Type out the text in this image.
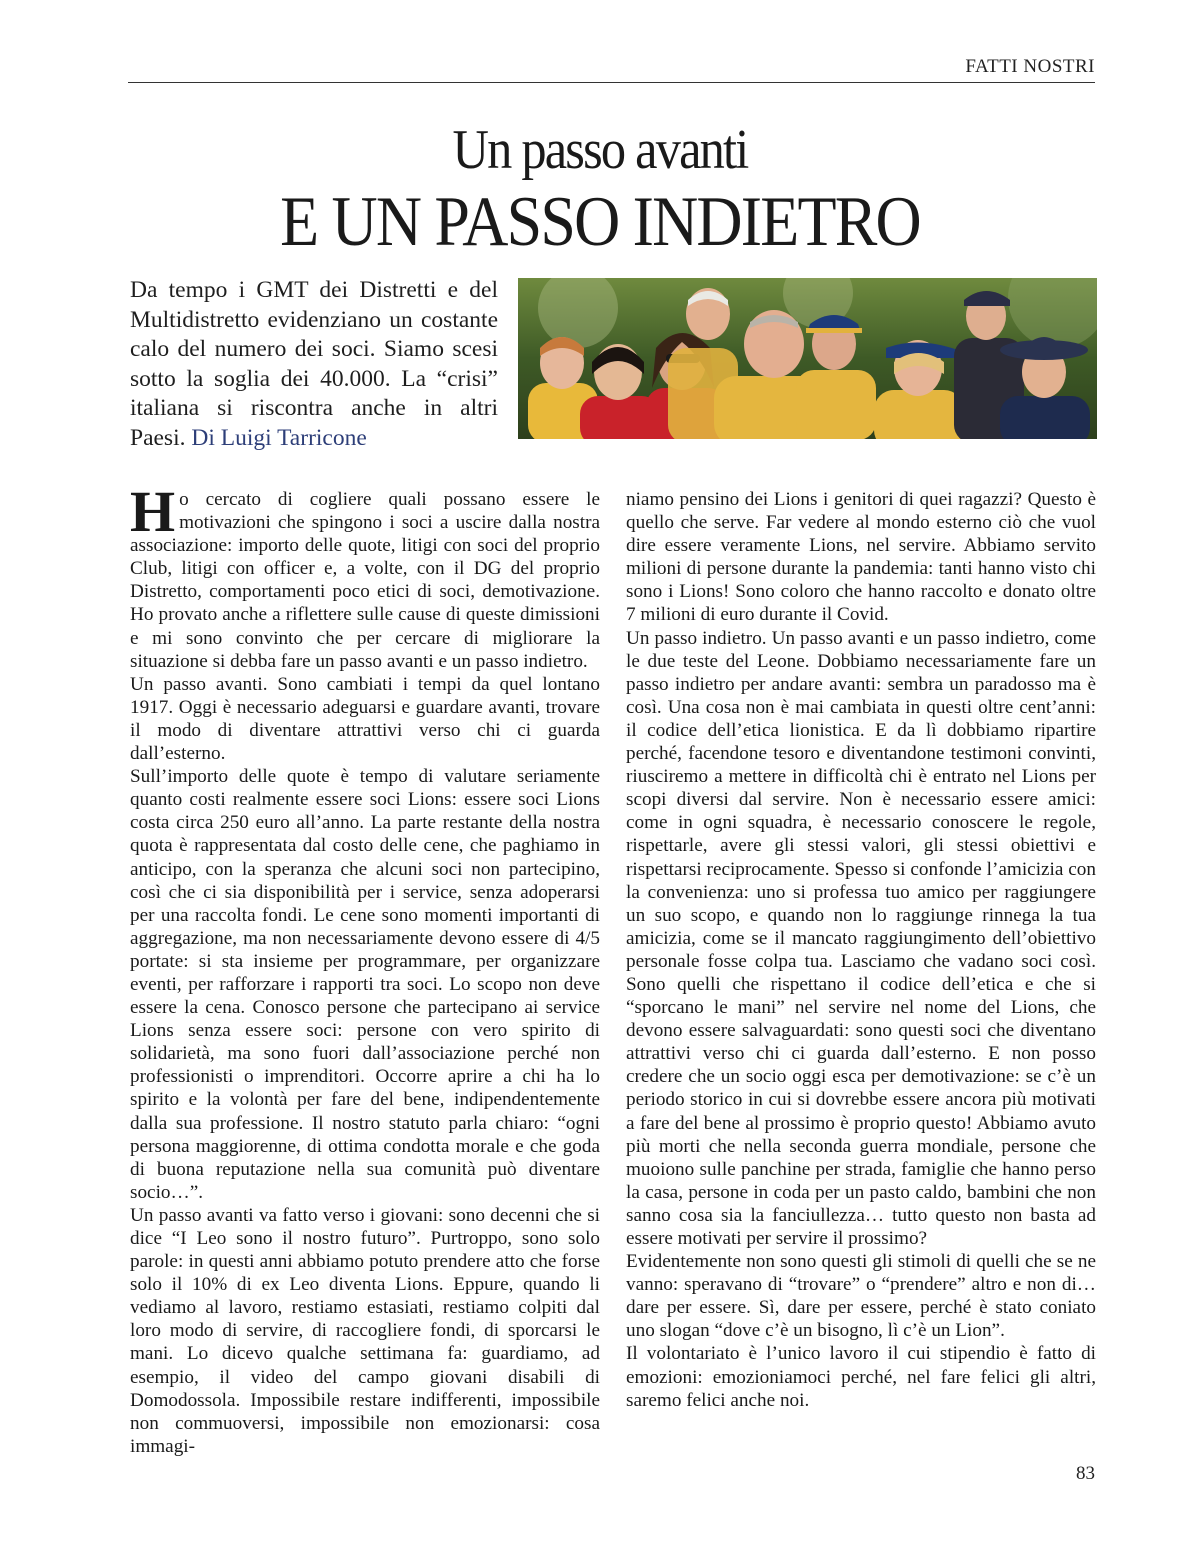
FATTI NOSTRI
Un passo avanti
E UN PASSO INDIETRO
Da tempo i GMT dei Distretti e del Multidistretto evidenziano un costante calo del numero dei soci. Siamo scesi sotto la soglia dei 40.000. La “crisi” italiana si riscontra anche in altri Paesi. Di Luigi Tarricone

Ho cercato di cogliere quali possano essere le motivazioni che spingono i soci a uscire dalla nostra associazione: importo delle quote, litigi con soci del proprio Club, litigi con officer e, a volte, con il DG del proprio Distretto, comportamenti poco etici di soci, demotivazione. Ho provato anche a riflettere sulle cause di queste dimissioni e mi sono convinto che per cercare di migliorare la situazione si debba fare un passo avanti e un passo indietro.

Un passo avanti. Sono cambiati i tempi da quel lontano 1917. Oggi è necessario adeguarsi e guardare avanti, trovare il modo di diventare attrattivi verso chi ci guarda dall’esterno.

Sull’importo delle quote è tempo di valutare seriamente quanto costi realmente essere soci Lions: essere soci Lions costa circa 250 euro all’anno. La parte restante della nostra quota è rappresentata dal costo delle cene, che paghiamo in anticipo, con la speranza che alcuni soci non partecipino, così che ci sia disponibilità per i service, senza adoperarsi per una raccolta fondi. Le cene sono momenti importanti di aggregazione, ma non necessariamente devono essere di 4/5 portate: si sta insieme per programmare, per organizzare eventi, per rafforzare i rapporti tra soci. Lo scopo non deve essere la cena. Conosco persone che partecipano ai service Lions senza essere soci: persone con vero spirito di solidarietà, ma sono fuori dall’associazione perché non professionisti o imprenditori. Occorre aprire a chi ha lo spirito e la volontà per fare del bene, indipendentemente dalla sua professione. Il nostro statuto parla chiaro: “ogni persona maggiorenne, di ottima condotta morale e che goda di buona reputazione nella sua comunità può diventare socio…”.

Un passo avanti va fatto verso i giovani: sono decenni che si dice “I Leo sono il nostro futuro”. Purtroppo, sono solo parole: in questi anni abbiamo potuto prendere atto che forse solo il 10% di ex Leo diventa Lions. Eppure, quando li vediamo al lavoro, restiamo estasiati, restiamo colpiti dal loro modo di servire, di raccogliere fondi, di sporcarsi le mani. Lo dicevo qualche settimana fa: guardiamo, ad esempio, il video del campo giovani disabili di Domodossola. Impossibile restare indifferenti, impossibile non commuoversi, impossibile non emozionarsi: cosa immagi-

niamo pensino dei Lions i genitori di quei ragazzi? Questo è quello che serve. Far vedere al mondo esterno ciò che vuol dire essere veramente Lions, nel servire. Abbiamo servito milioni di persone durante la pandemia: tanti hanno visto chi sono i Lions! Sono coloro che hanno raccolto e donato oltre 7 milioni di euro durante il Covid.

Un passo indietro. Un passo avanti e un passo indietro, come le due teste del Leone. Dobbiamo necessariamente fare un passo indietro per andare avanti: sembra un paradosso ma è così. Una cosa non è mai cambiata in questi oltre cent’anni: il codice dell’etica lionistica. E da lì dobbiamo ripartire perché, facendone tesoro e diventandone testimoni convinti, riusciremo a mettere in difficoltà chi è entrato nel Lions per scopi diversi dal servire. Non è necessario essere amici: come in ogni squadra, è necessario conoscere le regole, rispettarle, avere gli stessi valori, gli stessi obiettivi e rispettarsi reciprocamente. Spesso si confonde l’amicizia con la convenienza: uno si professa tuo amico per raggiungere un suo scopo, e quando non lo raggiunge rinnega la tua amicizia, come se il mancato raggiungimento dell’obiettivo personale fosse colpa tua. Lasciamo che vadano soci così. Sono quelli che rispettano il codice dell’etica e che si “sporcano le mani” nel servire nel nome del Lions, che devono essere salvaguardati: sono questi soci che diventano attrattivi verso chi ci guarda dall’esterno. E non posso credere che un socio oggi esca per demotivazione: se c’è un periodo storico in cui si dovrebbe essere ancora più motivati a fare del bene al prossimo è proprio questo! Abbiamo avuto più morti che nella seconda guerra mondiale, persone che muoiono sulle panchine per strada, famiglie che hanno perso la casa, persone in coda per un pasto caldo, bambini che non sanno cosa sia la fanciullezza… tutto questo non basta ad essere motivati per servire il prossimo?

Evidentemente non sono questi gli stimoli di quelli che se ne vanno: speravano di “trovare” o “prendere” altro e non di… dare per essere. Sì, dare per essere, perché è stato coniato uno slogan “dove c’è un bisogno, lì c’è un Lion”.

Il volontariato è l’unico lavoro il cui stipendio è fatto di emozioni: emozioniamoci perché, nel fare felici gli altri, saremo felici anche noi.

83
